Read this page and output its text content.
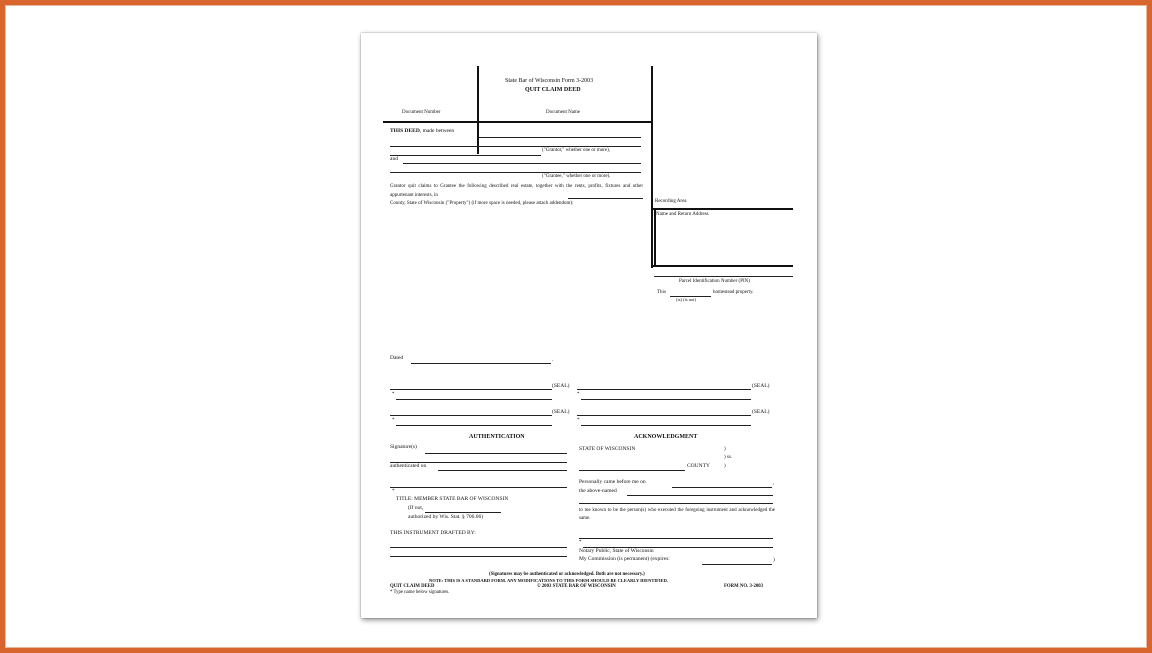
State Bar of Wisconsin Form 3-2003
QUIT CLAIM DEED
Document Number	Document Name
THIS DEED, made between
("Grantor," whether one or more),
and
("Grantee," whether one or more).
Grantor quit claims to Grantee the following described real estate, together with the rents, profits, fixtures and other appurtenant interests, in
County, State of Wisconsin ("Property") (if more space is needed, please attach addendum):	Recording Area
Name and Return Address
Parcel Identification Number (PIN)
This	homestead property.
(is) (is not)
Dated	.
(SEAL)	(SEAL)
*	*
(SEAL)	(SEAL)
*	*
AUTHENTICATION
Signature(s)
authenticated on
*
TITLE: MEMBER STATE BAR OF WISCONSIN
(If not,
authorized by Wis. Stat. § 706.06)
THIS INSTRUMENT DRAFTED BY:
ACKNOWLEDGMENT
STATE OF WISCONSIN	)
) ss.
COUNTY	)
Personally came before me on	,
the above-named
to me known to be the person(s) who executed the foregoing instrument and acknowledged the same.
*
Notary Public, State of Wisconsin
My Commission (is permanent) (expires:	)
(Signatures may be authenticated or acknowledged. Both are not necessary.)
NOTE: THIS IS A STANDARD FORM. ANY MODIFICATIONS TO THIS FORM SHOULD BE CLEARLY IDENTIFIED.
QUIT CLAIM DEED	© 2003 STATE BAR OF WISCONSIN	FORM NO. 3-2003
* Type name below signatures.
